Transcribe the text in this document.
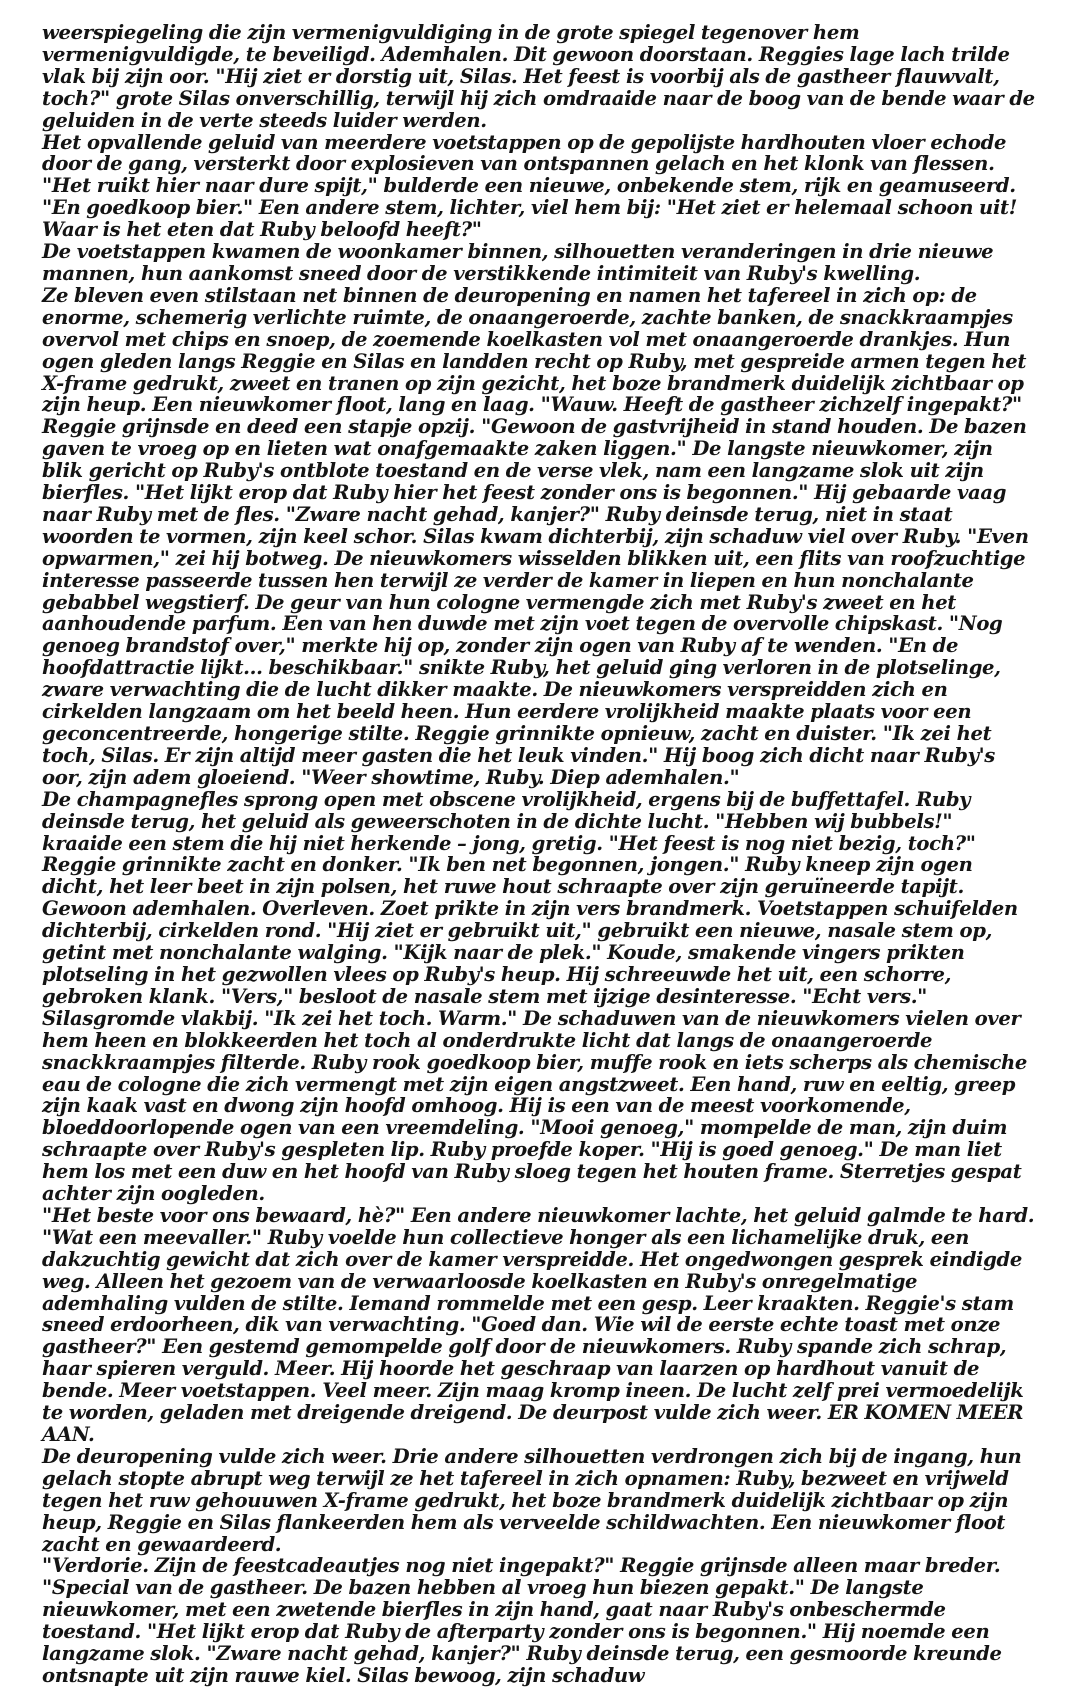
weerspiegeling die zijn vermenigvuldiging in de grote spiegel tegenover hem vermenigvuldigde, te beveiligd. Ademhalen. Dit gewoon doorstaan. Reggies lage lach trilde vlak bij zijn oor. "Hij ziet er dorstig uit, Silas. Het feest is voorbij als de gastheer flauwvalt, toch?" grote Silas onverschillig, terwijl hij zich omdraaide naar de boog van de bende waar de geluiden in de verte steeds luider werden.

Het opvallende geluid van meerdere voetstappen op de gepolijste hardhouten vloer echode door de gang, versterkt door explosieven van ontspannen gelach en het klonk van flessen. "Het ruikt hier naar dure spijt," bulderde een nieuwe, onbekende stem, rijk en geamuseerd. "En goedkoop bier." Een andere stem, lichter, viel hem bij: "Het ziet er helemaal schoon uit! Waar is het eten dat Ruby beloofd heeft?"

De voetstappen kwamen de woonkamer binnen, silhouetten veranderingen in drie nieuwe mannen, hun aankomst sneed door de verstikkende intimiteit van Ruby's kwelling.

Ze bleven even stilstaan net binnen de deuropening en namen het tafereel in zich op: de enorme, schemerig verlichte ruimte, de onaangeroerde, zachte banken, de snackkraampjes overvol met chips en snoep, de zoemende koelkasten vol met onaangeroerde drankjes. Hun ogen gleden langs Reggie en Silas en landden recht op Ruby, met gespreide armen tegen het X-frame gedrukt, zweet en tranen op zijn gezicht, het boze brandmerk duidelijk zichtbaar op zijn heup. Een nieuwkomer floot, lang en laag. "Wauw. Heeft de gastheer zichzelf ingepakt?" Reggie grijnsde en deed een stapje opzij. "Gewoon de gastvrijheid in stand houden. De bazen gaven te vroeg op en lieten wat onafgemaakte zaken liggen." De langste nieuwkomer, zijn blik gericht op Ruby's ontblote toestand en de verse vlek, nam een langzame slok uit zijn bierfles. "Het lijkt erop dat Ruby hier het feest zonder ons is begonnen." Hij gebaarde vaag naar Ruby met de fles. "Zware nacht gehad, kanjer?" Ruby deinsde terug, niet in staat woorden te vormen, zijn keel schor. Silas kwam dichterbij, zijn schaduw viel over Ruby. "Even opwarmen," zei hij botweg. De nieuwkomers wisselden blikken uit, een flits van roofzuchtige interesse passeerde tussen hen terwijl ze verder de kamer in liepen en hun nonchalante gebabbel wegstierf. De geur van hun cologne vermengde zich met Ruby's zweet en het aanhoudende parfum. Een van hen duwde met zijn voet tegen de overvolle chipskast. "Nog genoeg brandstof over," merkte hij op, zonder zijn ogen van Ruby af te wenden. "En de hoofdattractie lijkt... beschikbaar." snikte Ruby, het geluid ging verloren in de plotselinge, zware verwachting die de lucht dikker maakte. De nieuwkomers verspreidden zich en cirkelden langzaam om het beeld heen. Hun eerdere vrolijkheid maakte plaats voor een geconcentreerde, hongerige stilte. Reggie grinnikte opnieuw, zacht en duister. "Ik zei het toch, Silas. Er zijn altijd meer gasten die het leuk vinden." Hij boog zich dicht naar Ruby's oor, zijn adem gloeiend. "Weer showtime, Ruby. Diep ademhalen."

De champagnefles sprong open met obscene vrolijkheid, ergens bij de buffettafel. Ruby deinsde terug, het geluid als geweerschoten in de dichte lucht. "Hebben wij bubbels!" kraaide een stem die hij niet herkende – jong, gretig. "Het feest is nog niet bezig, toch?" Reggie grinnikte zacht en donker. "Ik ben net begonnen, jongen." Ruby kneep zijn ogen dicht, het leer beet in zijn polsen, het ruwe hout schraapte over zijn geruïneerde tapijt. Gewoon ademhalen. Overleven. Zoet prikte in zijn vers brandmerk. Voetstappen schuifelden dichterbij, cirkelden rond. "Hij ziet er gebruikt uit," gebruikt een nieuwe, nasale stem op, getint met nonchalante walging. "Kijk naar de plek." Koude, smakende vingers prikten plotseling in het gezwollen vlees op Ruby's heup. Hij schreeuwde het uit, een schorre, gebroken klank. "Vers," besloot de nasale stem met ijzige desinteresse. "Echt vers."

Silasgromde vlakbij. "Ik zei het toch. Warm." De schaduwen van de nieuwkomers vielen over hem heen en blokkeerden het toch al onderdrukte licht dat langs de onaangeroerde snackkraampjes filterde. Ruby rook goedkoop bier, muffe rook en iets scherps als chemische eau de cologne die zich vermengt met zijn eigen angstzweet. Een hand, ruw en eeltig, greep zijn kaak vast en dwong zijn hoofd omhoog. Hij is een van de meest voorkomende, bloeddoorlopende ogen van een vreemdeling. "Mooi genoeg," mompelde de man, zijn duim schraapte over Ruby's gespleten lip. Ruby proefde koper. "Hij is goed genoeg." De man liet hem los met een duw en het hoofd van Ruby sloeg tegen het houten frame. Sterretjes gespat achter zijn oogleden.

"Het beste voor ons bewaard, hè?" Een andere nieuwkomer lachte, het geluid galmde te hard. "Wat een meevaller." Ruby voelde hun collectieve honger als een lichamelijke druk, een dakzuchtig gewicht dat zich over de kamer verspreidde. Het ongedwongen gesprek eindigde weg. Alleen het gezoem van de verwaarloosde koelkasten en Ruby's onregelmatige ademhaling vulden de stilte. Iemand rommelde met een gesp. Leer kraakten. Reggie's stam sneed erdoorheen, dik van verwachting. "Goed dan. Wie wil de eerste echte toast met onze gastheer?" Een gestemd gemompelde golf door de nieuwkomers. Ruby spande zich schrap, haar spieren verguld. Meer. Hij hoorde het geschraap van laarzen op hardhout vanuit de bende. Meer voetstappen. Veel meer. Zijn maag kromp ineen. De lucht zelf prei vermoedelijk te worden, geladen met dreigende dreigend. De deurpost vulde zich weer. ER KOMEN MEER AAN.

De deuropening vulde zich weer. Drie andere silhouetten verdrongen zich bij de ingang, hun gelach stopte abrupt weg terwijl ze het tafereel in zich opnamen: Ruby, bezweet en vrijweld tegen het ruw gehouuwen X-frame gedrukt, het boze brandmerk duidelijk zichtbaar op zijn heup, Reggie en Silas flankeerden hem als verveelde schildwachten. Een nieuwkomer floot zacht en gewaardeerd.

"Verdorie. Zijn de feestcadeautjes nog niet ingepakt?" Reggie grijnsde alleen maar breder. "Special van de gastheer. De bazen hebben al vroeg hun biezen gepakt." De langste nieuwkomer, met een zwetende bierfles in zijn hand, gaat naar Ruby's onbeschermde toestand. "Het lijkt erop dat Ruby de afterparty zonder ons is begonnen." Hij noemde een langzame slok. "Zware nacht gehad, kanjer?" Ruby deinsde terug, een gesmoorde kreunde ontsnapte uit zijn rauwe kiel. Silas bewoog, zijn schaduw
